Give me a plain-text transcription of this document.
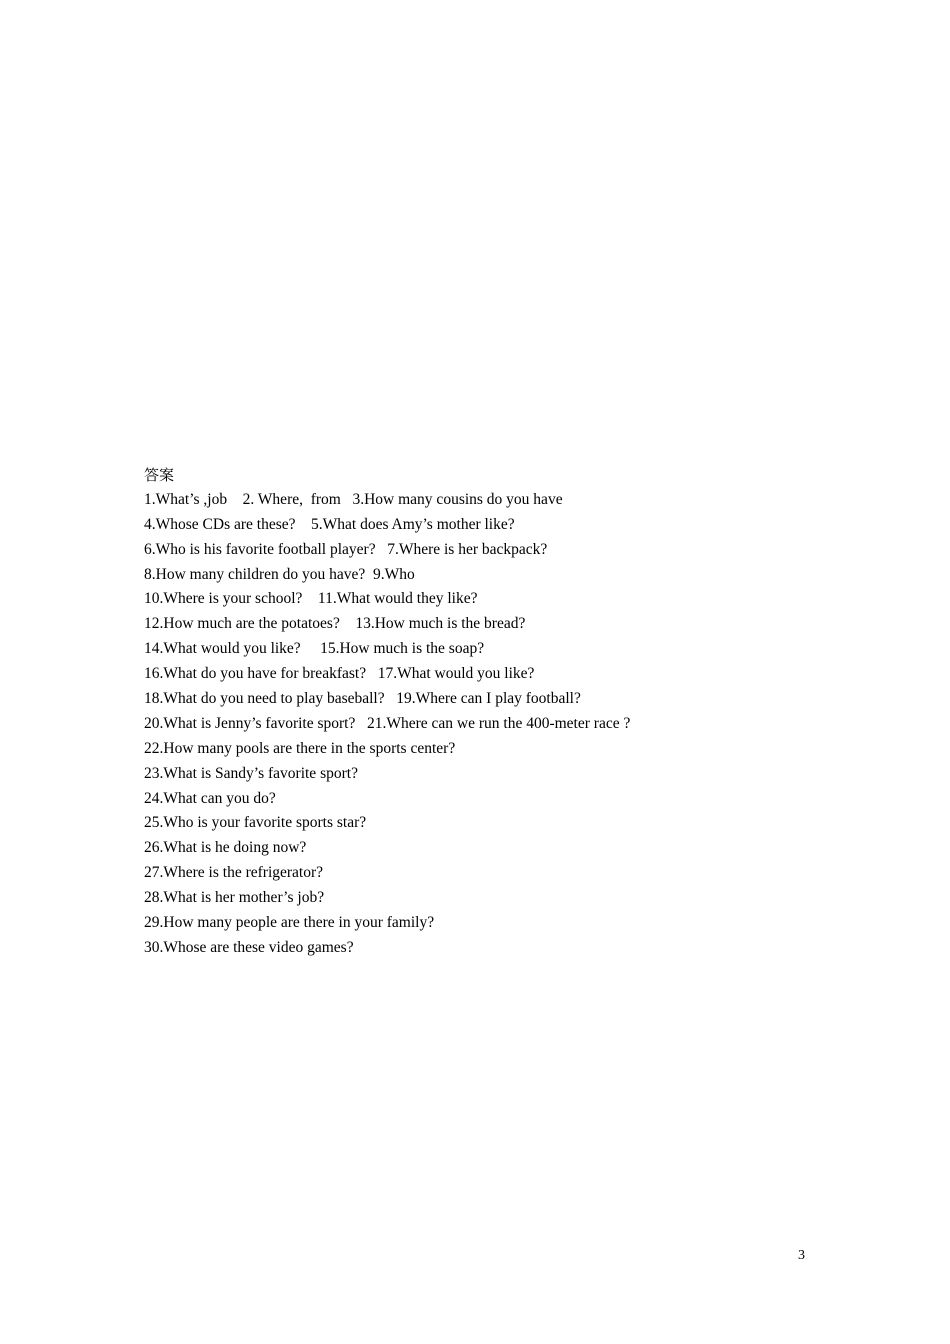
答案
1.What’s ,job    2. Where,  from   3.How many cousins do you have
4.Whose CDs are these?    5.What does Amy’s mother like?
6.Who is his favorite football player?   7.Where is her backpack?
8.How many children do you have?  9.Who
10.Where is your school?    11.What would they like?
12.How much are the potatoes?    13.How much is the bread?
14.What would you like?     15.How much is the soap?
16.What do you have for breakfast?   17.What would you like?
18.What do you need to play baseball?   19.Where can I play football?
20.What is Jenny’s favorite sport?   21.Where can we run the 400-meter race ?
22.How many pools are there in the sports center?
23.What is Sandy’s favorite sport?
24.What can you do?
25.Who is your favorite sports star?
26.What is he doing now?
27.Where is the refrigerator?
28.What is her mother’s job?
29.How many people are there in your family?
30.Whose are these video games?
3
